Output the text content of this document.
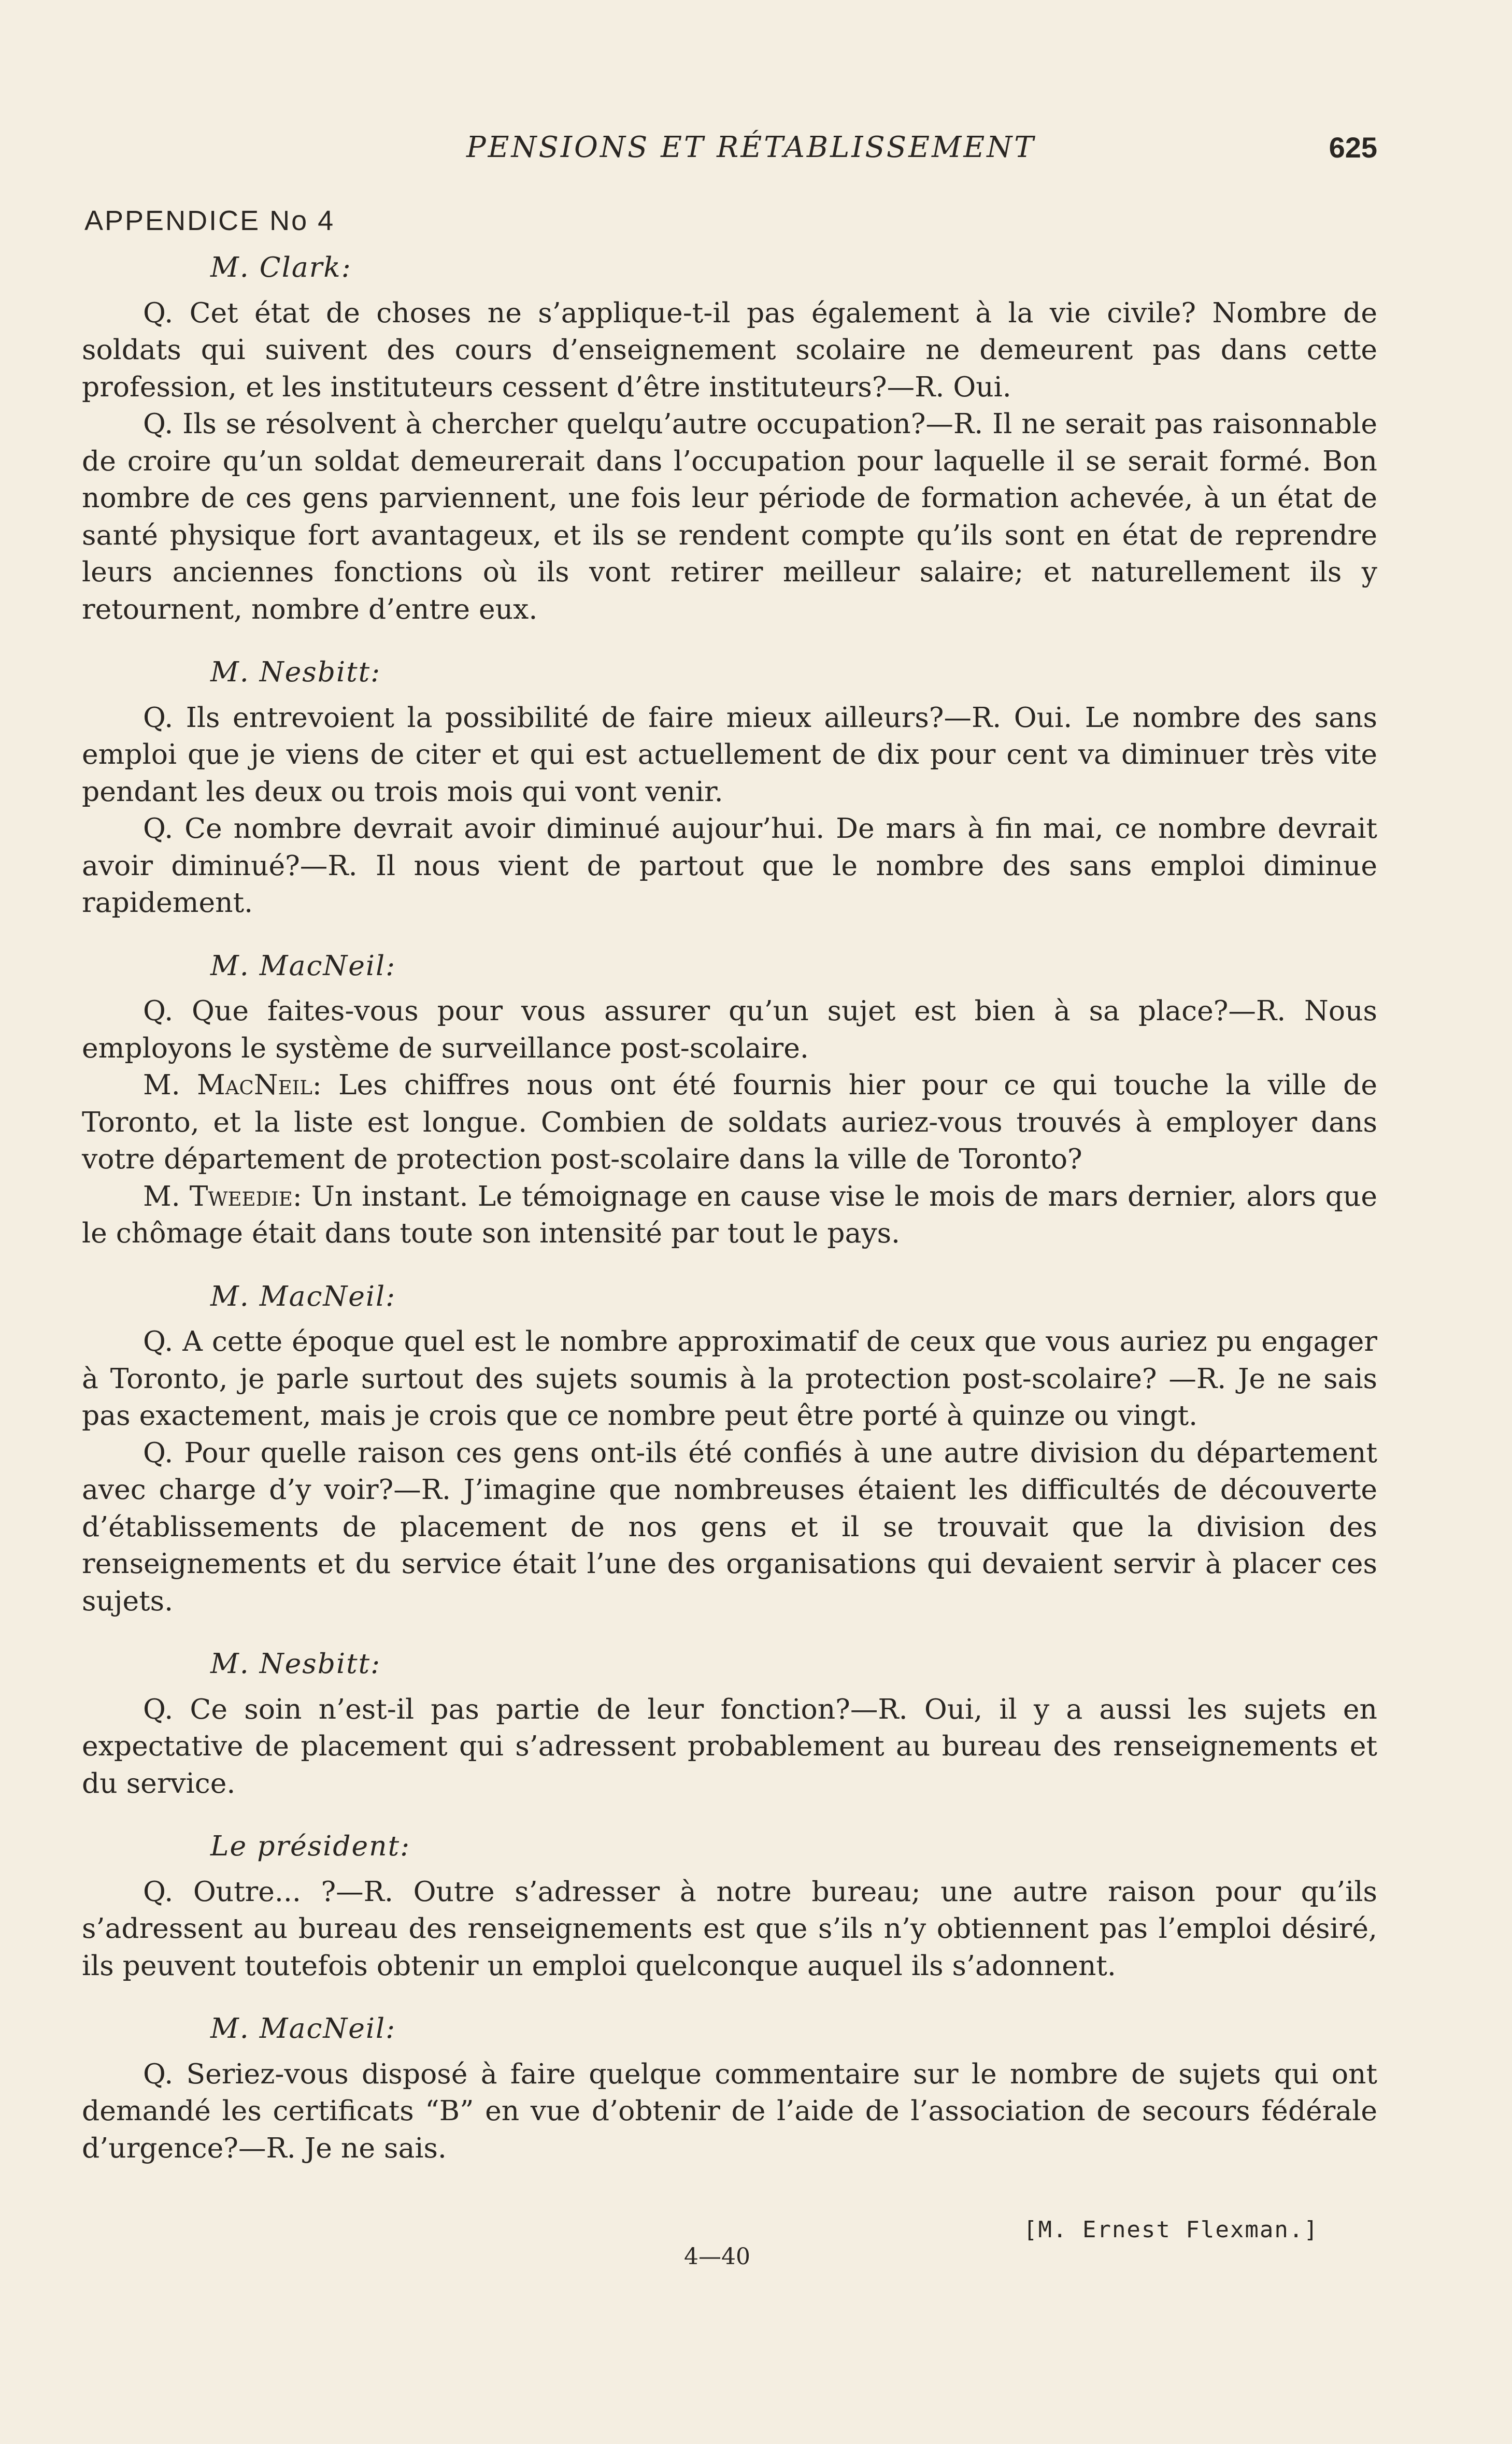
PENSIONS ET RÉTABLISSEMENT	625
APPENDICE No 4
M. Clark:

Q. Cet état de choses ne s’applique-t-il pas également à la vie civile? Nombre de soldats qui suivent des cours d’enseignement scolaire ne demeurent pas dans cette profession, et les instituteurs cessent d’être instituteurs?—R. Oui.

Q. Ils se résolvent à chercher quelqu’autre occupation?—R. Il ne serait pas raisonnable de croire qu’un soldat demeurerait dans l’occupation pour laquelle il se serait formé. Bon nombre de ces gens parviennent, une fois leur période de formation achevée, à un état de santé physique fort avantageux, et ils se rendent compte qu’ils sont en état de reprendre leurs anciennes fonctions où ils vont retirer meilleur salaire; et naturellement ils y retournent, nombre d’entre eux.

M. Nesbitt:

Q. Ils entrevoient la possibilité de faire mieux ailleurs?—R. Oui. Le nombre des sans emploi que je viens de citer et qui est actuellement de dix pour cent va diminuer très vite pendant les deux ou trois mois qui vont venir.

Q. Ce nombre devrait avoir diminué aujour’hui. De mars à fin mai, ce nombre devrait avoir diminué?—R. Il nous vient de partout que le nombre des sans emploi diminue rapidement.

M. MacNeil:

Q. Que faites-vous pour vous assurer qu’un sujet est bien à sa place?—R. Nous employons le système de surveillance post-scolaire.

M. MacNeil: Les chiffres nous ont été fournis hier pour ce qui touche la ville de Toronto, et la liste est longue. Combien de soldats auriez-vous trouvés à employer dans votre département de protection post-scolaire dans la ville de Toronto?

M. Tweedie: Un instant. Le témoignage en cause vise le mois de mars dernier, alors que le chômage était dans toute son intensité par tout le pays.

M. MacNeil:

Q. A cette époque quel est le nombre approximatif de ceux que vous auriez pu engager à Toronto, je parle surtout des sujets soumis à la protection post-scolaire? —R. Je ne sais pas exactement, mais je crois que ce nombre peut être porté à quinze ou vingt.

Q. Pour quelle raison ces gens ont-ils été confiés à une autre division du département avec charge d’y voir?—R. J’imagine que nombreuses étaient les difficultés de découverte d’établissements de placement de nos gens et il se trouvait que la division des renseignements et du service était l’une des organisations qui devaient servir à placer ces sujets.

M. Nesbitt:

Q. Ce soin n’est-il pas partie de leur fonction?—R. Oui, il y a aussi les sujets en expectative de placement qui s’adressent probablement au bureau des renseignements et du service.

Le président:

Q. Outre... ?—R. Outre s’adresser à notre bureau; une autre raison pour qu’ils s’adressent au bureau des renseignements est que s’ils n’y obtiennent pas l’emploi désiré, ils peuvent toutefois obtenir un emploi quelconque auquel ils s’adonnent.

M. MacNeil:

Q. Seriez-vous disposé à faire quelque commentaire sur le nombre de sujets qui ont demandé les certificats “B” en vue d’obtenir de l’aide de l’association de secours fédérale d’urgence?—R. Je ne sais.

[M. Ernest Flexman.]
4—40
